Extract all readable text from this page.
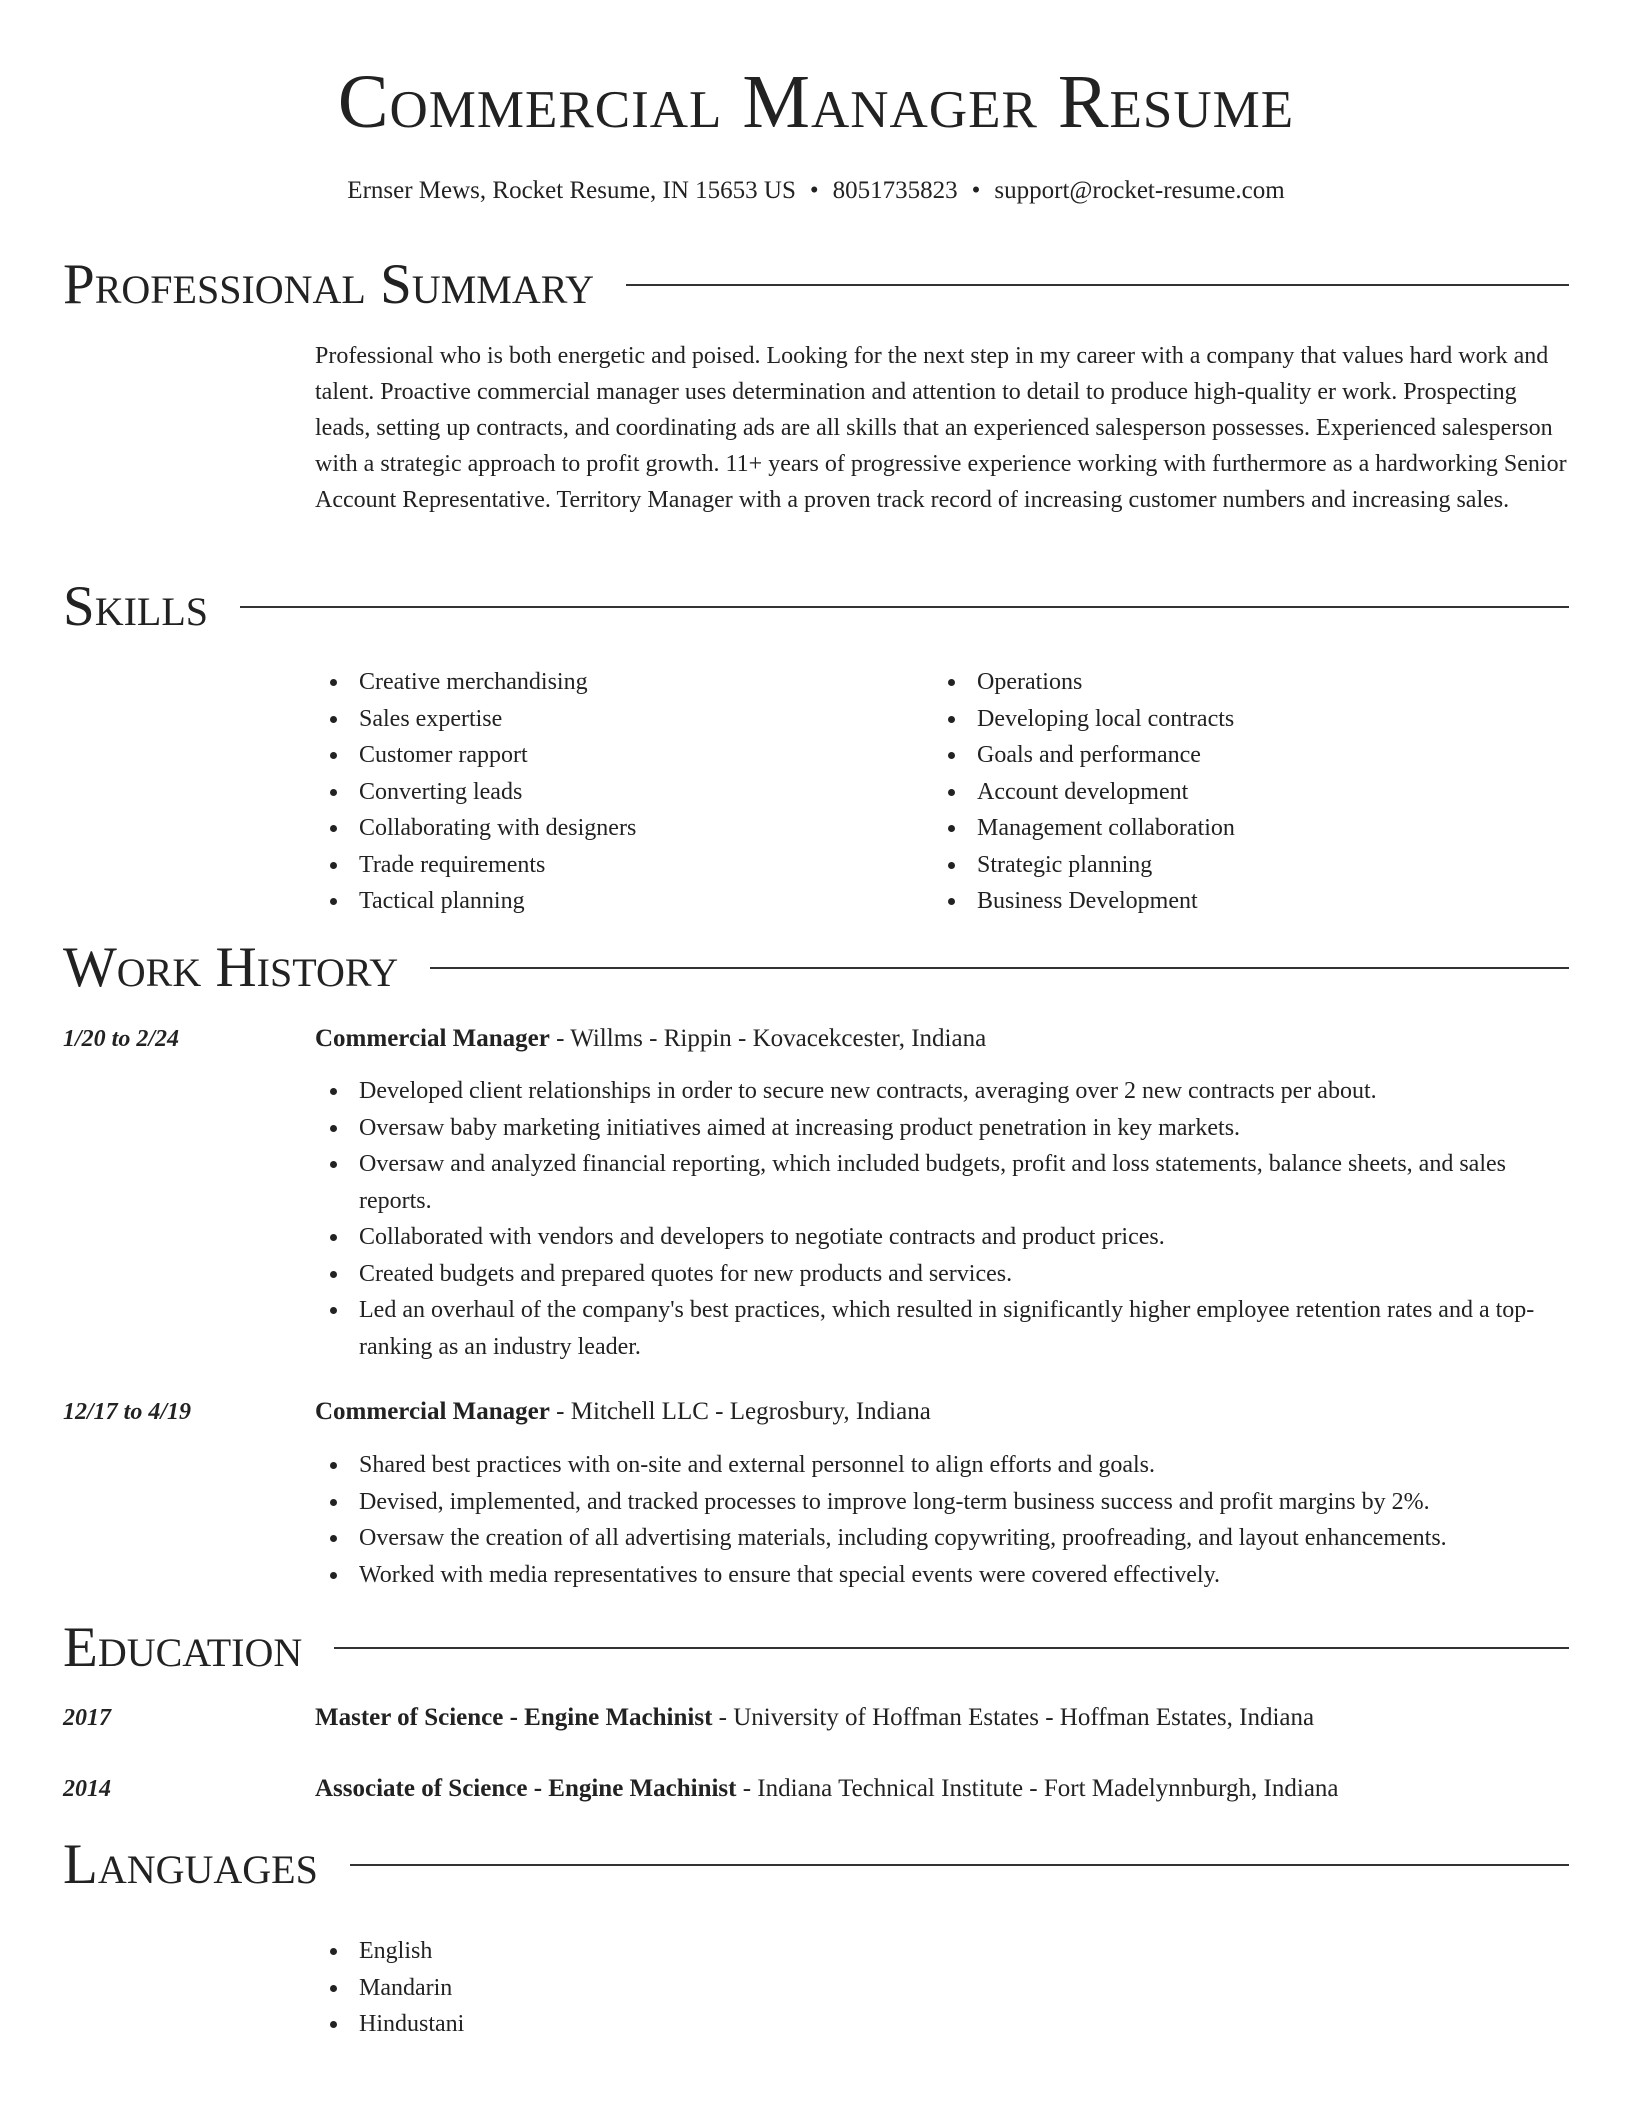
Commercial Manager Resume
Ernser Mews, Rocket Resume, IN 15653 US • 8051735823 • support@rocket-resume.com
Professional Summary

Professional who is both energetic and poised. Looking for the next step in my career with a company that values hard work and talent. Proactive commercial manager uses determination and attention to detail to produce high-quality er work. Prospecting leads, setting up contracts, and coordinating ads are all skills that an experienced salesperson possesses. Experienced salesperson with a strategic approach to profit growth. 11+ years of progressive experience working with furthermore as a hardworking Senior Account Representative. Territory Manager with a proven track record of increasing customer numbers and increasing sales.

Skills
Creative merchandising
Sales expertise
Customer rapport
Converting leads
Collaborating with designers
Trade requirements
Tactical planning
Operations
Developing local contracts
Goals and performance
Account development
Management collaboration
Strategic planning
Business Development
Work History
1/20 to 2/24	Commercial Manager - Willms - Rippin - Kovacekcester, Indiana
Developed client relationships in order to secure new contracts, averaging over 2 new contracts per about.
Oversaw baby marketing initiatives aimed at increasing product penetration in key markets.
Oversaw and analyzed financial reporting, which included budgets, profit and loss statements, balance sheets, and sales reports.
Collaborated with vendors and developers to negotiate contracts and product prices.
Created budgets and prepared quotes for new products and services.
Led an overhaul of the company's best practices, which resulted in significantly higher employee retention rates and a top-ranking as an industry leader.
12/17 to 4/19	Commercial Manager - Mitchell LLC - Legrosbury, Indiana
Shared best practices with on-site and external personnel to align efforts and goals.
Devised, implemented, and tracked processes to improve long-term business success and profit margins by 2%.
Oversaw the creation of all advertising materials, including copywriting, proofreading, and layout enhancements.
Worked with media representatives to ensure that special events were covered effectively.
Education
2017	Master of Science - Engine Machinist - University of Hoffman Estates - Hoffman Estates, Indiana
2014	Associate of Science - Engine Machinist - Indiana Technical Institute - Fort Madelynnburgh, Indiana
Languages
English
Mandarin
Hindustani
